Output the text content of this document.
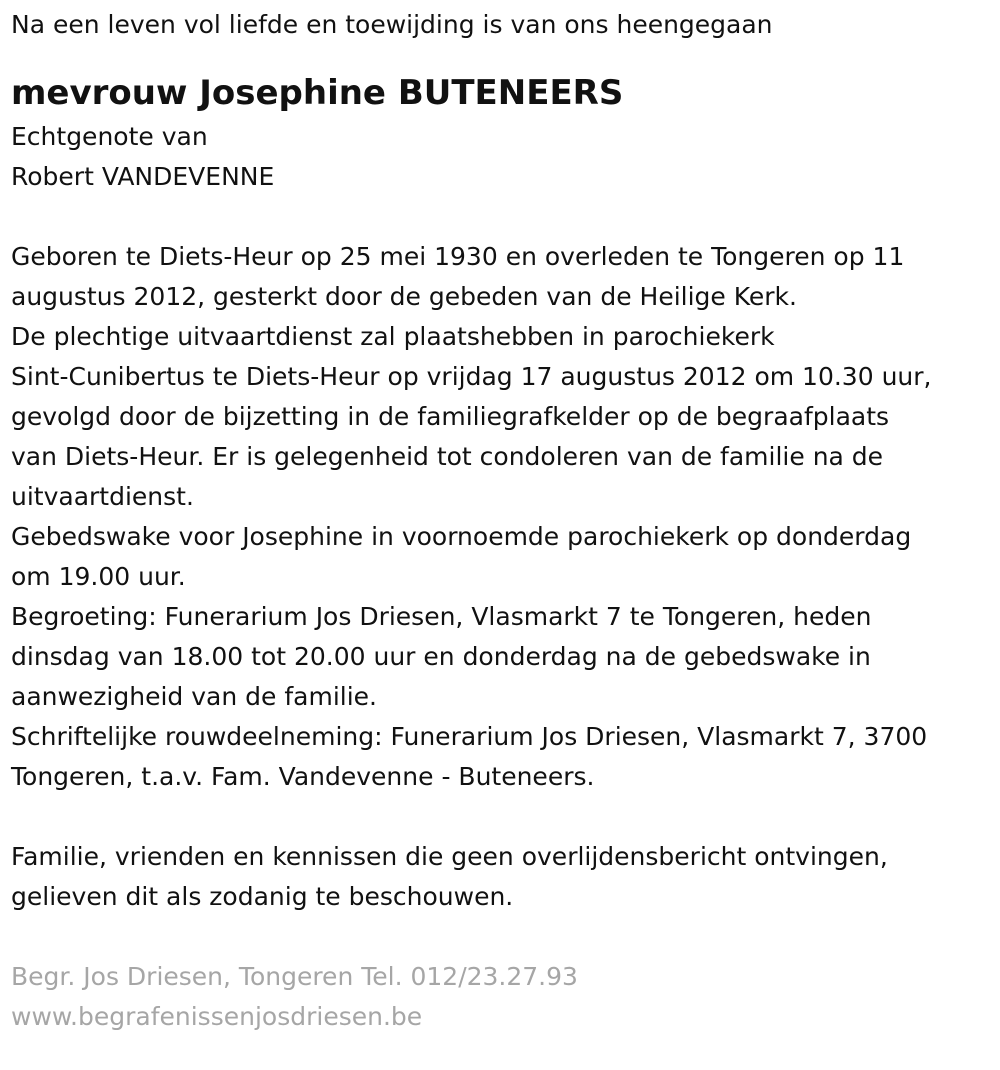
Na een leven vol liefde en toewijding is van ons heengegaan

mevrouw Josephine BUTENEERS

Echtgenote van

Robert VANDEVENNE

Geboren te Diets-Heur op 25 mei 1930 en overleden te Tongeren op 11

augustus 2012, gesterkt door de gebeden van de Heilige Kerk.

De plechtige uitvaartdienst zal plaatshebben in parochiekerk

Sint-Cunibertus te Diets-Heur op vrijdag 17 augustus 2012 om 10.30 uur,

gevolgd door de bijzetting in de familiegrafkelder op de begraafplaats

van Diets-Heur. Er is gelegenheid tot condoleren van de familie na de

uitvaartdienst.

Gebedswake voor Josephine in voornoemde parochiekerk op donderdag

om 19.00 uur.

Begroeting: Funerarium Jos Driesen, Vlasmarkt 7 te Tongeren, heden

dinsdag van 18.00 tot 20.00 uur en donderdag na de gebedswake in

aanwezigheid van de familie.

Schriftelijke rouwdeelneming: Funerarium Jos Driesen, Vlasmarkt 7, 3700

Tongeren, t.a.v. Fam. Vandevenne - Buteneers.

Familie, vrienden en kennissen die geen overlijdensbericht ontvingen,

gelieven dit als zodanig te beschouwen.

Begr. Jos Driesen, Tongeren Tel. 012/23.27.93

www.begrafenissenjosdriesen.be
